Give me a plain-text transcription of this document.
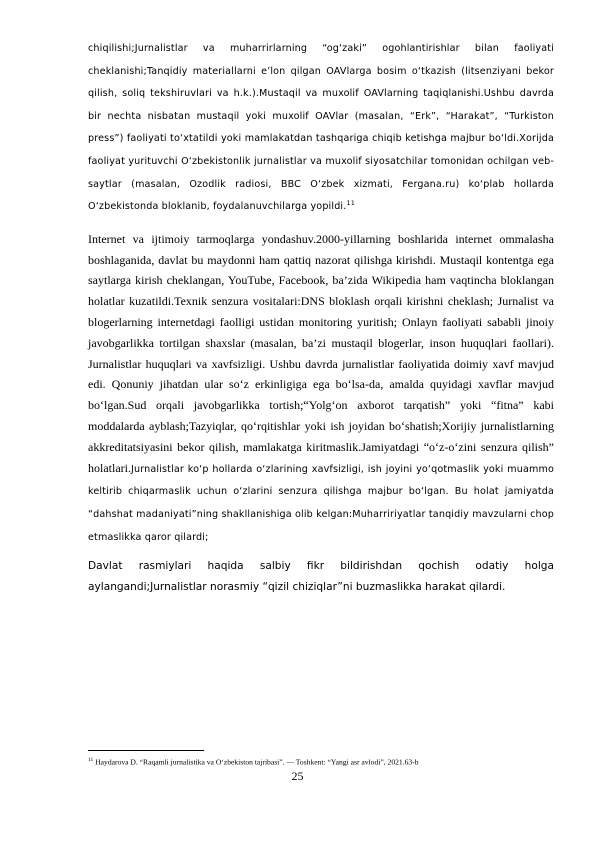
chiqilishi;Jurnalistlar va muharrirlarning “og‘zaki” ogohlantirishlar bilan faoliyati cheklanishi;Tanqidiy materiallarni e’lon qilgan OAVlarga bosim o‘tkazish (litsenziyani bekor qilish, soliq tekshiruvlari va h.k.).Mustaqil va muxolif OAVlarning taqiqlanishi.Ushbu davrda bir nechta nisbatan mustaqil yoki muxolif OAVlar (masalan, “Erk”, “Harakat”, “Turkiston press”) faoliyati to‘xtatildi yoki mamlakatdan tashqariga chiqib ketishga majbur bo‘ldi.Xorijda faoliyat yurituvchi O‘zbekistonlik jurnalistlar va muxolif siyosatchilar tomonidan ochilgan veb-saytlar (masalan, Ozodlik radiosi, BBC O‘zbek xizmati, Fergana.ru) ko‘plab hollarda O‘zbekistonda bloklanib, foydalanuvchilarga yopildi.$^{11}$

Internet va ijtimoiy tarmoqlarga yondashuv.2000-yillarning boshlarida internet ommalasha boshlaganida, davlat bu maydonni ham qattiq nazorat qilishga kirishdi. Mustaqil kontentga ega saytlarga kirish cheklangan, YouTube, Facebook, ba’zida Wikipedia ham vaqtincha bloklangan holatlar kuzatildi.Texnik senzura vositalari:DNS bloklash orqali kirishni cheklash; Jurnalist va blogerlarning internetdagi faolligi ustidan monitoring yuritish; Onlayn faoliyati sababli jinoiy javobgarlikka tortilgan shaxslar (masalan, ba’zi mustaqil blogerlar, inson huquqlari faollari). Jurnalistlar huquqlari va xavfsizligi. Ushbu davrda jurnalistlar faoliyatida doimiy xavf mavjud edi. Qonuniy jihatdan ular so‘z erkinligiga ega bo‘lsa-da, amalda quyidagi xavflar mavjud bo‘lgan.Sud orqali javobgarlikka tortish;“Yolg‘on axborot tarqatish” yoki “fitna” kabi moddalarda ayblash;Tazyiqlar, qo‘rqitishlar yoki ish joyidan bo‘shatish;Xorijiy jurnalistlarning akkreditatsiyasini bekor qilish, mamlakatga kiritmaslik.Jamiyatdagi “o‘z-o‘zini senzura qilish” holatlari.Jurnalistlar ko‘p hollarda o‘zlarining xavfsizligi, ish joyini yo‘qotmaslik yoki muammo keltirib chiqarmaslik uchun o‘zlarini senzura qilishga majbur bo‘lgan. Bu holat jamiyatda “dahshat madaniyati”ning shakllanishiga olib kelgan:Muharririyatlar tanqidiy mavzularni chop etmaslikka qaror qilardi;

Davlat rasmiylari haqida salbiy fikr bildirishdan qochish odatiy holga aylangandi;Jurnalistlar norasmiy “qizil chiziqlar”ni buzmaslikka harakat qilardi.

$^{11}$ Haydarova D. “Raqamli jurnalistika va O‘zbekiston tajribasi”. — Toshkent: “Yangi asr avlodi”, 2021.63-b
25
